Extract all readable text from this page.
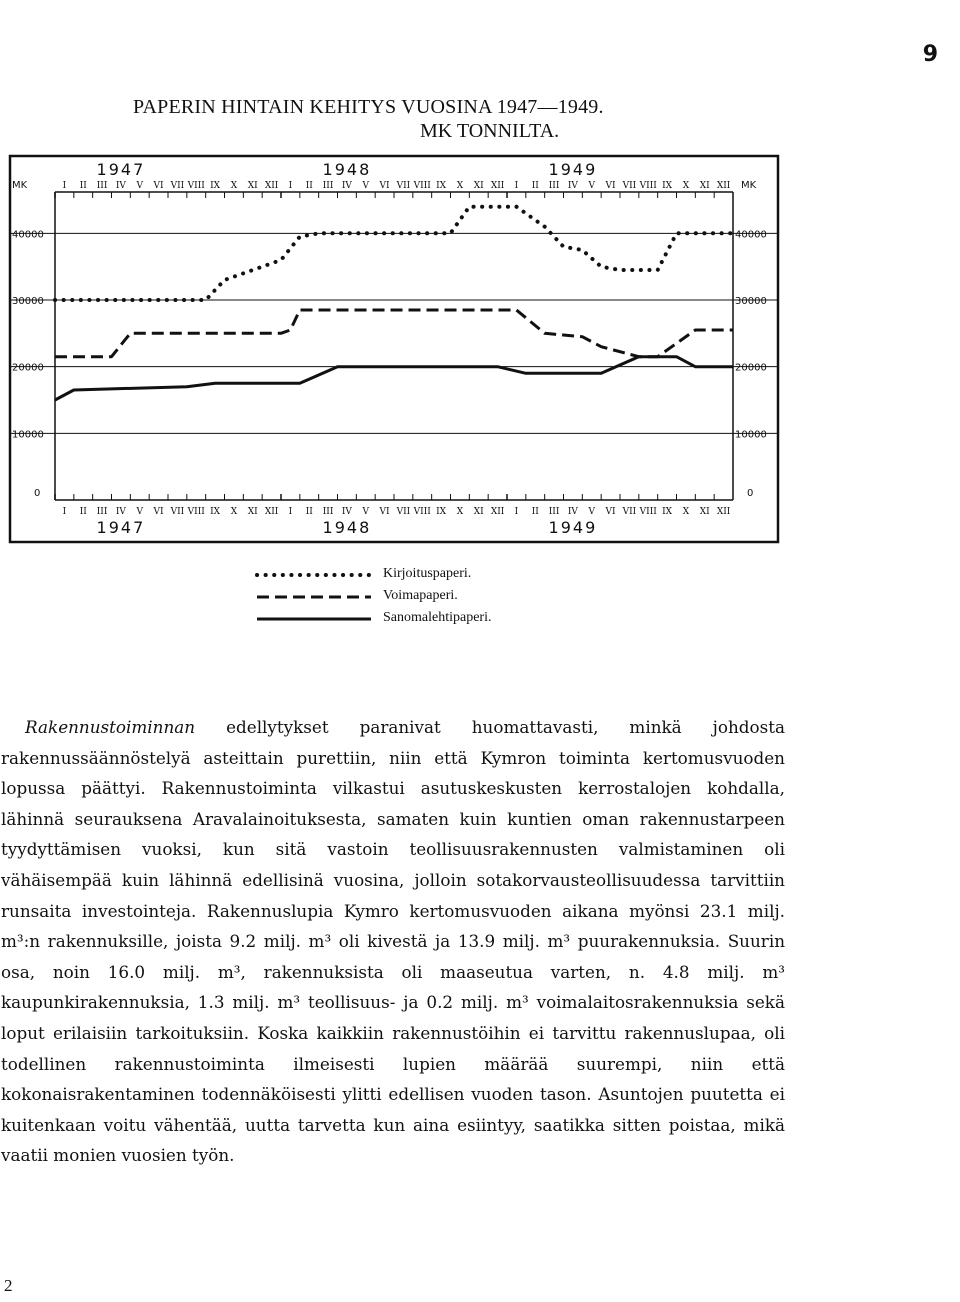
9
PAPERIN HINTAIN KEHITYS VUOSINA 1947—1949.
MK TONNILTA.
0	0
10000	10000
20000	20000
30000	30000
40000	40000
I
I
II
II
III
III
IV
IV
V
V
VI
VI
VII
VII
VIII
VIII
IX
IX
X
X
XI
XI
XII
XII
I
I
II
II
III
III
IV
IV
V
V
VI
VI
VII
VII
VIII
VIII
IX
IX
X
X
XI
XI
XII
XII
I
I
II
II
III
III
IV
IV
V
V
VI
VI
VII
VII
VIII
VIII
IX
IX
X
X
XI
XI
XII
XII
1947
1947
1948
1948
1949
1949
MK	MK
Kirjoituspaperi.
Voimapaperi.
Sanomalehtipaperi.

Rakennustoiminnan edellytykset paranivat huomattavasti, minkä johdosta rakennussäännöstelyä asteittain purettiin, niin että Kymron toiminta kertomusvuoden lopussa päättyi. Rakennustoiminta vilkastui asutuskeskusten kerrostalojen kohdalla, lähinnä seurauksena Aravalainoituksesta, samaten kuin kuntien oman rakennustarpeen tyydyttämisen vuoksi, kun sitä vastoin teollisuusrakennusten valmistaminen oli vähäisempää kuin lähinnä edellisinä vuosina, jolloin sotakorvausteollisuudessa tarvittiin runsaita investointeja. Rakennuslupia Kymro kertomusvuoden aikana myönsi 23.1 milj. m³:n rakennuksille, joista 9.2 milj. m³ oli kivestä ja 13.9 milj. m³ puurakennuksia. Suurin osa, noin 16.0 milj. m³, rakennuksista oli maaseutua varten, n. 4.8 milj. m³ kaupunkirakennuksia, 1.3 milj. m³ teollisuus- ja 0.2 milj. m³ voimalaitosrakennuksia sekä loput erilaisiin tarkoituksiin. Koska kaikkiin rakennustöihin ei tarvittu rakennuslupaa, oli todellinen rakennustoiminta ilmeisesti lupien määrää suurempi, niin että kokonaisrakentaminen todennäköisesti ylitti edellisen vuoden tason. Asuntojen puutetta ei kuitenkaan voitu vähentää, uutta tarvetta kun aina esiintyy, saatikka sitten poistaa, mikä vaatii monien vuosien työn.

2
